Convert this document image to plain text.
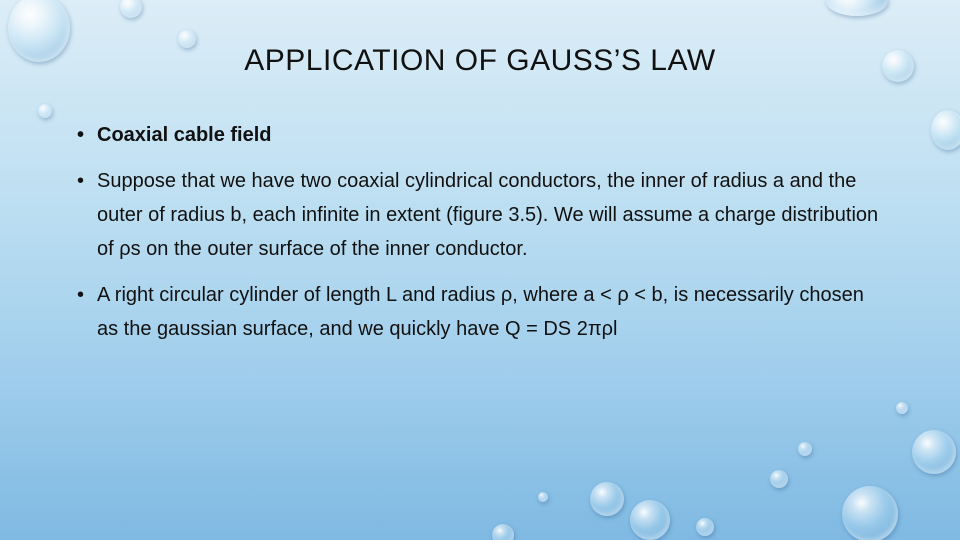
APPLICATION OF GAUSS’S LAW
• Coaxial cable field
• Suppose that we have two coaxial cylindrical conductors, the inner of radius a and the outer of radius b, each infinite in extent (figure 3.5). We will assume a charge distribution of ρs on the outer surface of the inner conductor.
• A right circular cylinder of length L and radius ρ, where a < ρ < b, is necessarily chosen as the gaussian surface, and we quickly have Q = DS 2πρl
